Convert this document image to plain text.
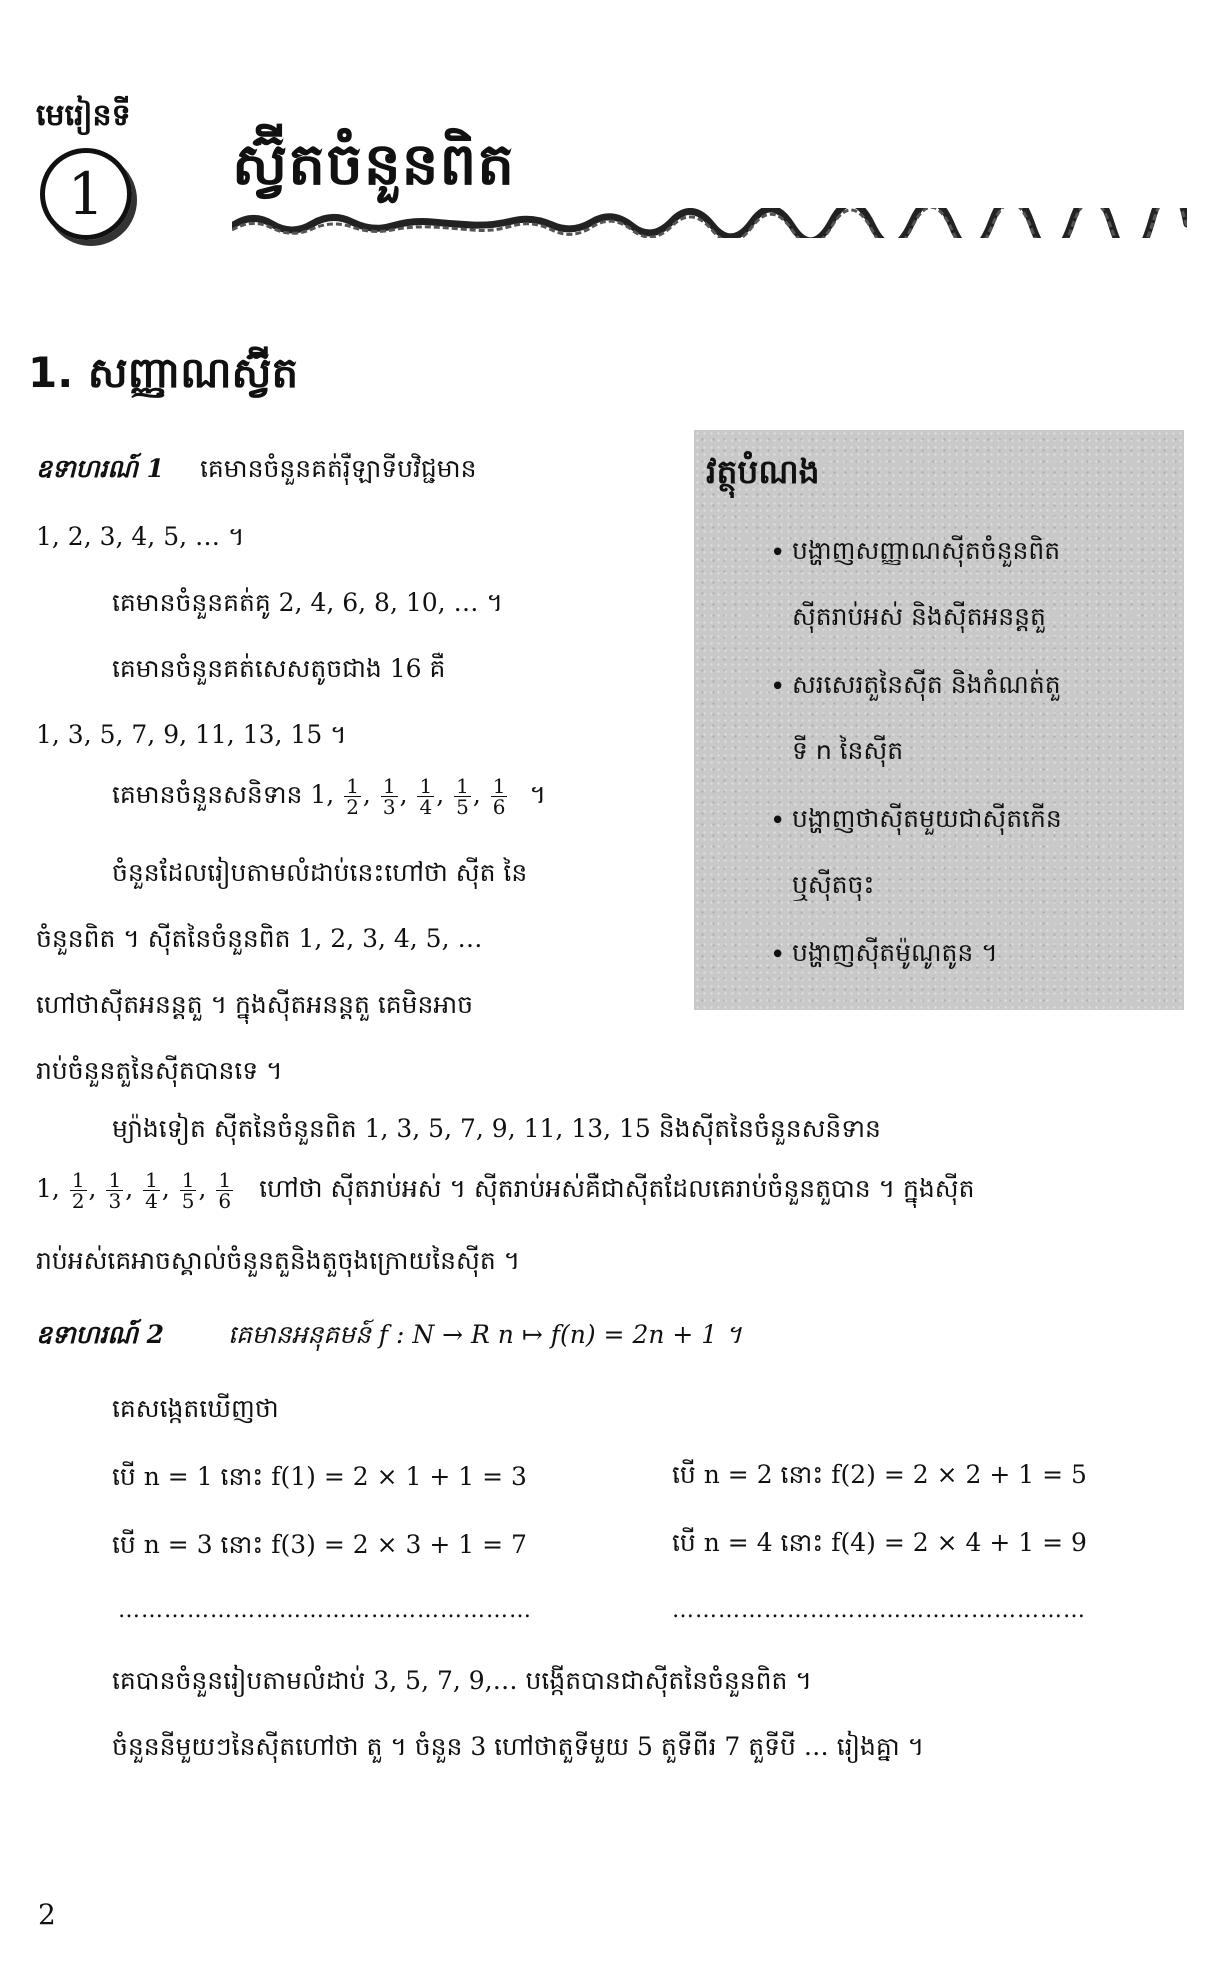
មេរៀនទី
1 ស្វ៊ីតចំនួនពិត
1. សញ្ញាណស៊្វីត
ឧទាហរណ៍ 1 គេមានចំនួនគត់រ៉ឺឡាទីបវិជ្ជមាន
1, 2, 3, 4, 5, … ។
គេមានចំនួនគត់គូ 2, 4, 6, 8, 10, … ។
គេមានចំនួនគត់សេសតូចជាង 16 គឺ
1, 3, 5, 7, 9, 11, 13, 15 ។
គេមានចំនួនសនិទាន 1, $\frac{1}{2}$ , $\frac{1}{3}$ , $\frac{1}{4}$ , $\frac{1}{5}$ , $\frac{1}{6}$ ។
ចំនួនដែលរៀបតាមលំដាប់នេះហៅថា ស៊ីត នៃ
ចំនួនពិត ។ ស៊ីតនៃចំនួនពិត 1, 2, 3, 4, 5, …
ហៅថាស៊ីតអនន្តតួ ។ ក្នុងស៊ីតអនន្តតួ គេមិនអាច
រាប់ចំនួនតួនៃស៊ីតបានទេ ។
វត្ថុបំណង
• បង្ហាញសញ្ញាណស៊ីតចំនួនពិត
ស៊ីតរាប់អស់ និងស៊ីតអនន្តតួ
• សរសេរតួនៃស៊ីត និងកំណត់តួ
ទី n នៃស៊ីត
• បង្ហាញថាស៊ីតមួយជាស៊ីតកើន
ឬស៊ីតចុះ
• បង្ហាញស៊ីតម៉ូណូតូន ។
ម្យ៉ាងទៀត ស៊ីតនៃចំនួនពិត 1, 3, 5, 7, 9, 11, 13, 15 និងស៊ីតនៃចំនួនសនិទាន
1, $\frac{1}{2}$ , $\frac{1}{3}$ , $\frac{1}{4}$ , $\frac{1}{5}$ , $\frac{1}{6}$ ហៅថា ស៊ីតរាប់អស់ ។ ស៊ីតរាប់អស់គឺជាស៊ីតដែលគេរាប់ចំនួនតួបាន ។ ក្នុងស៊ីត
រាប់អស់គេអាចស្គាល់ចំនួនតួនិងតួចុងក្រោយនៃស៊ីត ។
ឧទាហរណ៍ 2	គេមានអនុគមន៍ f : N → R n ↦ f(n) = 2n + 1 ។
គេសង្កេតឃើញថា
បើ n = 1 នោះ f(1) = 2 × 1 + 1 = 3	បើ n = 2 នោះ f(2) = 2 × 2 + 1 = 5
បើ n = 3 នោះ f(3) = 2 × 3 + 1 = 7	បើ n = 4 នោះ f(4) = 2 × 4 + 1 = 9
………………………………………………	………………………………………………
គេបានចំនួនរៀបតាមលំដាប់ 3, 5, 7, 9,… បង្កើតបានជាស៊ីតនៃចំនួនពិត ។
ចំនួននីមួយៗនៃស៊ីតហៅថា តួ ។ ចំនួន 3 ហៅថាតួទីមួយ 5 តួទីពីរ 7 តួទីបី … រៀងគ្នា ។
2
